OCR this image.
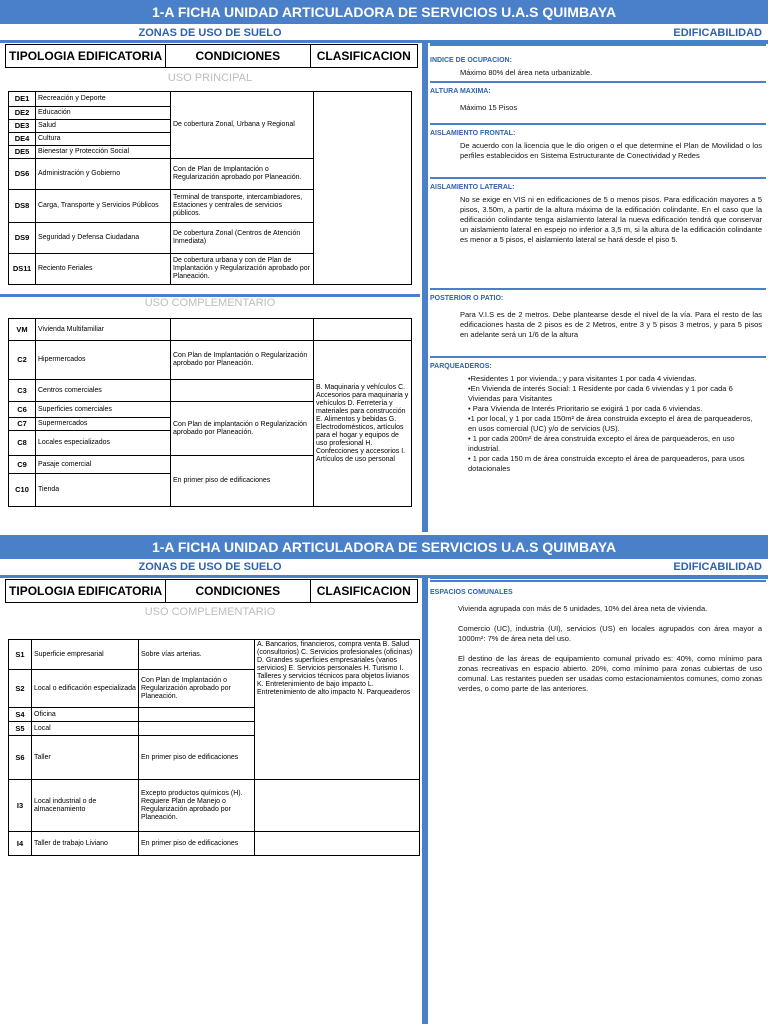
1-A FICHA UNIDAD ARTICULADORA DE SERVICIOS U.A.S QUIMBAYA
ZONAS DE USO DE SUELO	EDIFICABILIDAD
TIPOLOGIA EDIFICATORIA	CONDICIONES	CLASIFICACION
USO PRINCIPAL
DE1	Recreación y Deporte	De cobertura Zonal, Urbana y Regional	
DE2	Educación		
DE3	Salud		
DE4	Cultura		
DE5	Bienestar y Protección Social		
DS6	Administración y Gobierno	Con de Plan de Implantación o Regularización aprobado por Planeación.	
DS8	Carga, Transporte y Servicios Públicos	Terminal de transporte, intercambiadores, Estaciones y centrales de servicios públicos.	
DS9	Seguridad y Defensa Ciudadana	De cobertura Zonal (Centros de Atención Inmediata)	
DS11	Reciento Feriales	De cobertura urbana y con de Plan de Implantación y Regularización aprobado por Planeación.	
USO COMPLEMENTARIO
VM	Vivienda Multifamiliar		
C2	Hipermercados	Con Plan de Implantación o Regularización aprobado por Planeación.	B. Maquinaria y vehículos C. Accesorios para maquinaria y vehículos D. Ferretería y materiales para construcción E. Alimentos y bebidas G. Electrodomésticos, artículos para el hogar y equipos de uso profesional H. Confecciones y accesorios I. Artículos de uso personal
C3	Centros comerciales		
C6	Superficies comerciales	Con Plan de implantación o Regularización aprobado por Planeación.	
C7	Supermercados		
C8	Locales especializados		
C9	Pasaje comercial	En primer piso de edificaciones	
C10	Tienda		
INDICE DE OCUPACION:

Máximo 80% del área neta urbanizable.

ALTURA MAXIMA:

Máximo 15 Pisos

AISLAMIENTO FRONTAL:

De acuerdo con la licencia que le dio origen o el que determine el Plan de Movilidad o los perfiles establecidos en Sistema Estructurante de Conectividad y Redes

AISLAMIENTO LATERAL:

No se exige en VIS ni en edificaciones de 5 o menos pisos. Para edificación mayores a 5 pisos, 3.50m, a partir de la altura máxima de la edificación colindante. En el caso que la edificación colindante tenga aislamiento lateral la nueva edificación tendrá que conservar un aislamiento lateral en espejo no inferior a 3,5 m, si la altura de la edificación colindante es menor a 5 pisos, el aislamiento lateral se hará desde el piso 5.

POSTERIOR O PATIO:

Para V.I.S es de 2 metros. Debe plantearse desde el nivel de la vía. Para el resto de las edificaciones hasta de 2 pisos es de 2 Metros, entre 3 y 5 pisos 3 metros, y para 5 pisos en adelante será un 1/6 de la altura

PARQUEADEROS:
•Residentes 1 por vivienda.; y para visitantes 1 por cada 4 viviendas.
•En Vivienda de interés Social: 1 Residente por cada 6 viviendas y 1 por cada 6 Viviendas para Visitantes
• Para Vivienda de Interés Prioritario se exigirá 1 por cada 6 viviendas.
•1 por local, y 1 por cada 150m² de área construida excepto el área de parqueaderos, en usos comercial (UC) y/o de servicios (US).
• 1 por cada 200m² de área construida excepto el área de parqueaderos, en uso industrial.
• 1 por cada 150 m de área construida excepto el área de parqueaderos, para usos dotacionales
1-A FICHA UNIDAD ARTICULADORA DE SERVICIOS U.A.S QUIMBAYA
ZONAS DE USO DE SUELO	EDIFICABILIDAD
TIPOLOGIA EDIFICATORIA	CONDICIONES	CLASIFICACION
USO COMPLEMENTARIO
S1	Superficie empresarial	Sobre vías arterias.	A. Bancarios, financieros, compra venta B. Salud (consultorios) C. Servicios profesionales (oficinas) D. Grandes superficies empresariales (varios servicios) E. Servicios personales H. Turismo I. Talleres y servicios técnicos para objetos livianos K. Entretenimiento de bajo impacto L. Entretenimiento de alto impacto N. Parqueaderos
S2	Local o edificación especializada	Con Plan de Implantación o Regularización aprobado por Planeación.	
S4	Oficina		
S5	Local		
S6	Taller	En primer piso de edificaciones	
I3	Local industrial o de almacenamiento	Excepto productos químicos (H). Requiere Plan de Manejo o Regularización aprobado por Planeación.	
I4	Taller de trabajo Liviano	En primer piso de edificaciones	
ESPACIOS COMUNALES

Vivienda agrupada con más de 5 unidades, 10% del área neta de vivienda.

Comercio (UC), industria (UI), servicios (US) en locales agrupados con área mayor a 1000m²: 7% de área neta del uso.

El destino de las áreas de equipamiento comunal privado es: 40%, como mínimo para zonas recreativas en espacio abierto. 20%, como mínimo para zonas cubiertas de uso comunal. Las restantes pueden ser usadas como estacionamientos comunes, como zonas verdes, o como parte de las anteriores.
